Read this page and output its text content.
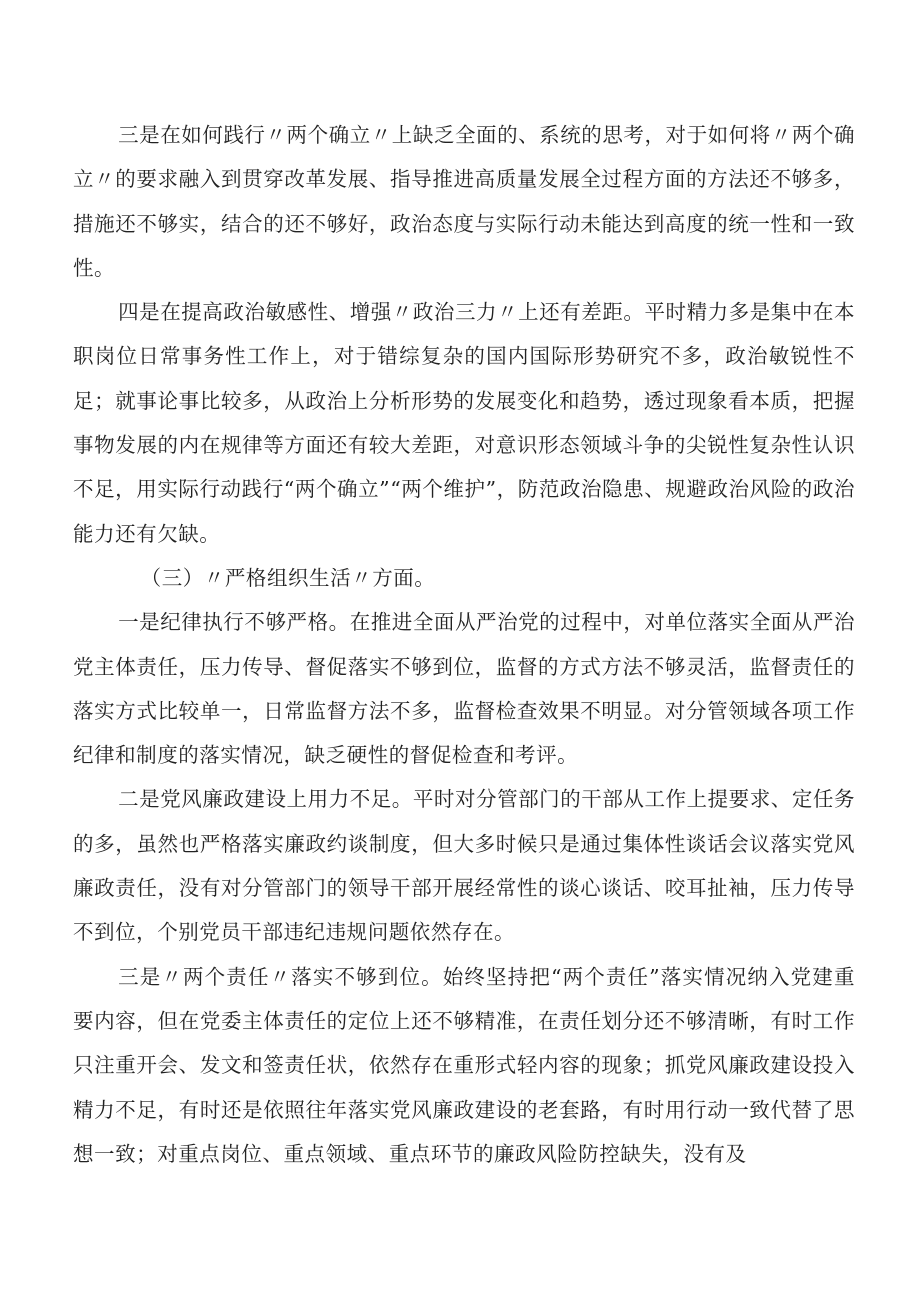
三是在如何践行〃两个确立〃上缺乏全面的、系统的思考，对于如何将〃两个确立〃的要求融入到贯穿改革发展、指导推进高质量发展全过程方面的方法还不够多，措施还不够实，结合的还不够好，政治态度与实际行动未能达到高度的统一性和一致性。

四是在提高政治敏感性、增强〃政治三力〃上还有差距。平时精力多是集中在本职岗位日常事务性工作上，对于错综复杂的国内国际形势研究不多，政治敏锐性不足；就事论事比较多，从政治上分析形势的发展变化和趋势，透过现象看本质，把握事物发展的内在规律等方面还有较大差距，对意识形态领域斗争的尖锐性复杂性认识不足，用实际行动践行“两个确立”“两个维护”，防范政治隐患、规避政治风险的政治能力还有欠缺。

（三）〃严格组织生活〃方面。

一是纪律执行不够严格。在推进全面从严治党的过程中，对单位落实全面从严治党主体责任，压力传导、督促落实不够到位，监督的方式方法不够灵活，监督责任的落实方式比较单一，日常监督方法不多，监督检查效果不明显。对分管领域各项工作纪律和制度的落实情况，缺乏硬性的督促检查和考评。

二是党风廉政建设上用力不足。平时对分管部门的干部从工作上提要求、定任务的多，虽然也严格落实廉政约谈制度，但大多时候只是通过集体性谈话会议落实党风廉政责任，没有对分管部门的领导干部开展经常性的谈心谈话、咬耳扯袖，压力传导不到位，个别党员干部违纪违规问题依然存在。

三是〃两个责任〃落实不够到位。始终坚持把“两个责任”落实情况纳入党建重要内容，但在党委主体责任的定位上还不够精准，在责任划分还不够清晰，有时工作只注重开会、发文和签责任状，依然存在重形式轻内容的现象；抓党风廉政建设投入精力不足，有时还是依照往年落实党风廉政建设的老套路，有时用行动一致代替了思想一致；对重点岗位、重点领域、重点环节的廉政风险防控缺失，没有及
